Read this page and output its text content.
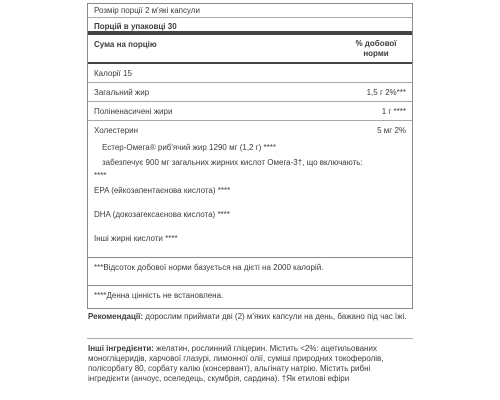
Розмір порції 2 м'які капсули
Порцій в упаковці 30
Сума на порцію	% добової норми
Калорії 15
Загальний жир	1,5 г 2%***
Поліненасичені жири	1 г ****
Холестерин	5 мг 2%
Естер-Омега® риб'ячий жир 1290 мг (1,2 г) ****
забезпечує 900 мг загальних жирних кислот Омега-3†, що включають:
****
EPA (ейкозапентаєнова кислота) ****
DHA (докозагексаєнова кислота) ****
Інші жирні кислоти ****
***Відсоток добової норми базується на дієті на 2000 калорій.
****Денна цінність не встановлена.
Рекомендації: дорослим приймати дві (2) м'яких капсули на день, бажано під час їжі.
Інші інгредієнти: желатин, рослинний гліцерин. Містить <2%: ацетильованих моногліцеридів, харчової глазурі, лимонної олії, суміші природних токоферолів, полісорбату 80, сорбату калію (консервант), альгінату натрію. Містить рибні інгредієнти (анчоус, оселедець, скумбрія, сардина). †Як етилові ефіри
